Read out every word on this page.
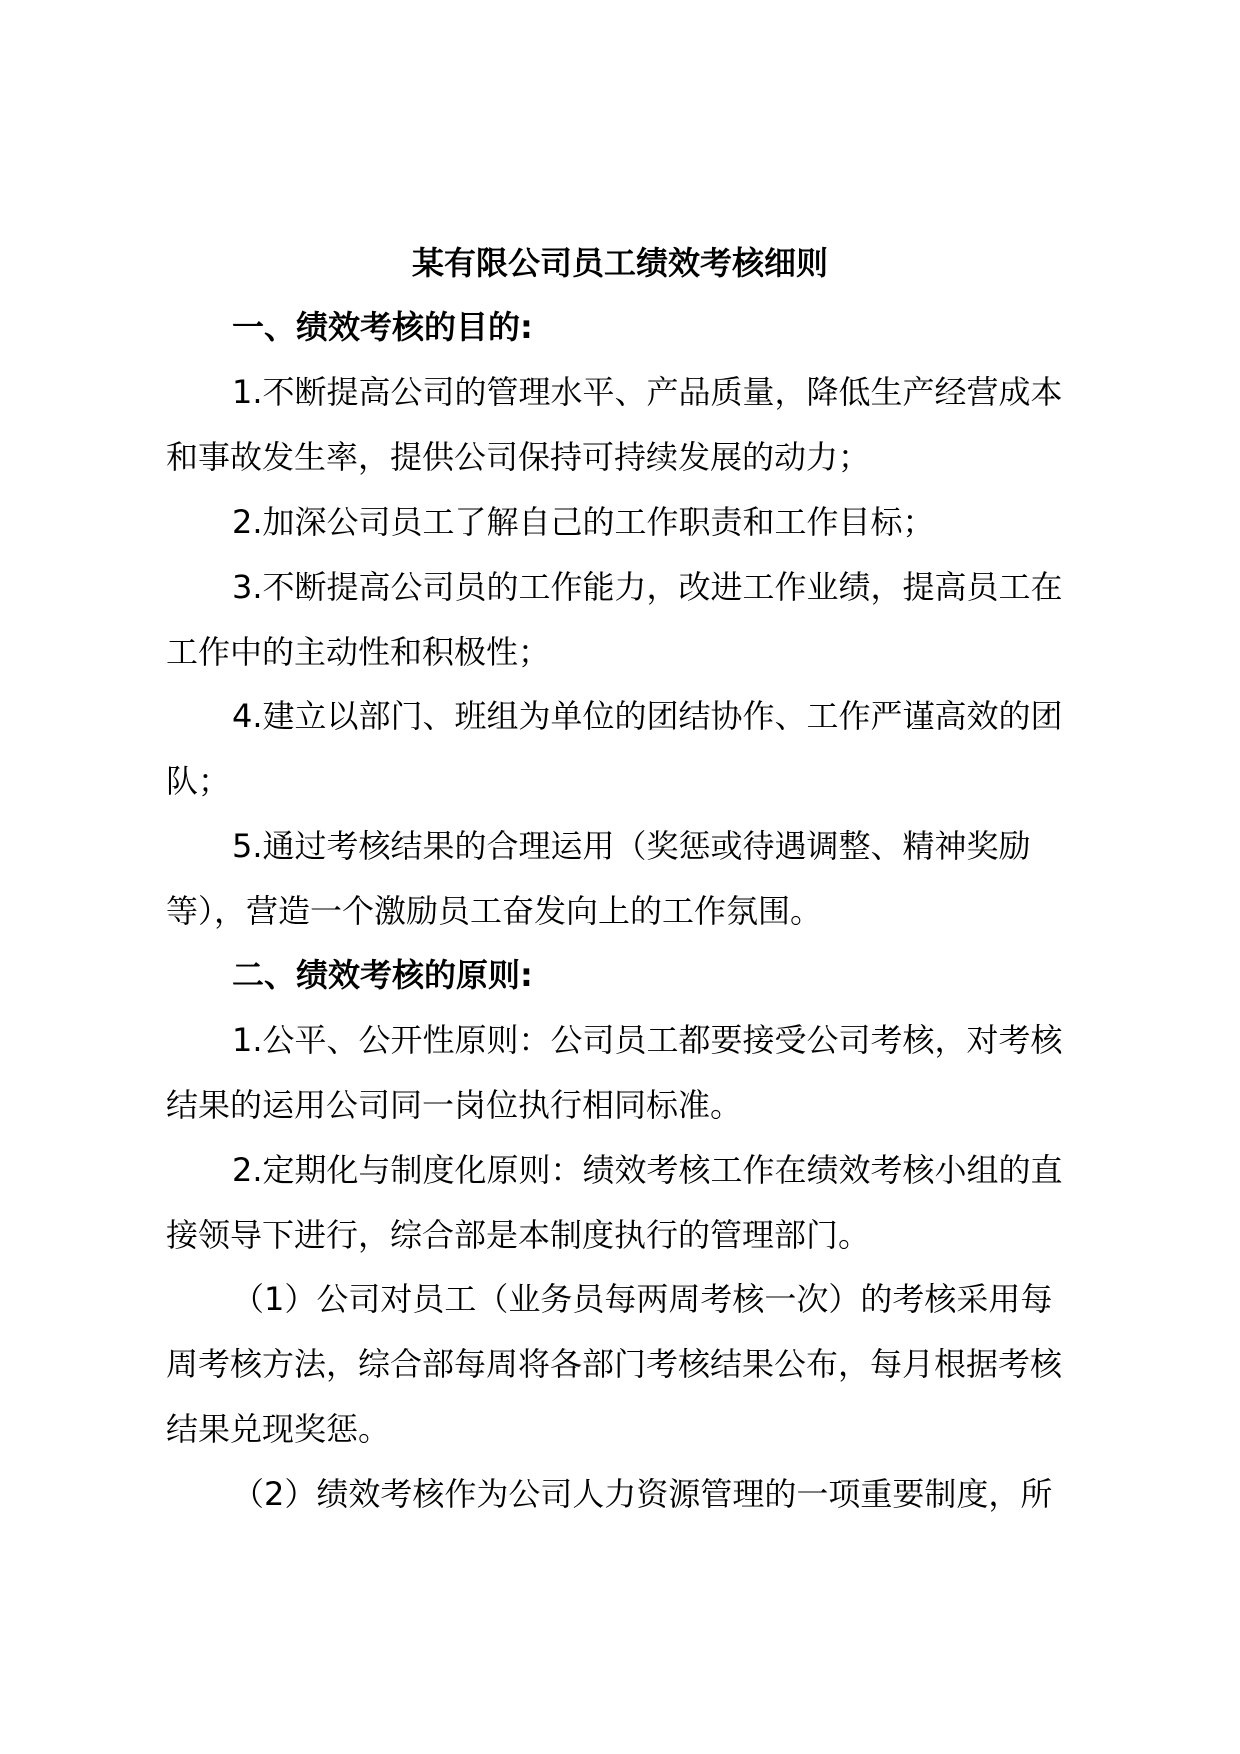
某有限公司员工绩效考核细则
一、绩效考核的目的:
1.不断提高公司的管理水平、产品质量，降低生产经营成本
和事故发生率，提供公司保持可持续发展的动力；
2.加深公司员工了解自己的工作职责和工作目标；
3.不断提高公司员的工作能力，改进工作业绩，提高员工在
工作中的主动性和积极性；
4.建立以部门、班组为单位的团结协作、工作严谨高效的团
队；
5.通过考核结果的合理运用（奖惩或待遇调整、精神奖励
等），营造一个激励员工奋发向上的工作氛围。
二、绩效考核的原则:
1.公平、公开性原则：公司员工都要接受公司考核，对考核
结果的运用公司同一岗位执行相同标准。
2.定期化与制度化原则：绩效考核工作在绩效考核小组的直
接领导下进行，综合部是本制度执行的管理部门。
（1）公司对员工（业务员每两周考核一次）的考核采用每
周考核方法，综合部每周将各部门考核结果公布，每月根据考核
结果兑现奖惩。
（2）绩效考核作为公司人力资源管理的一项重要制度，所
